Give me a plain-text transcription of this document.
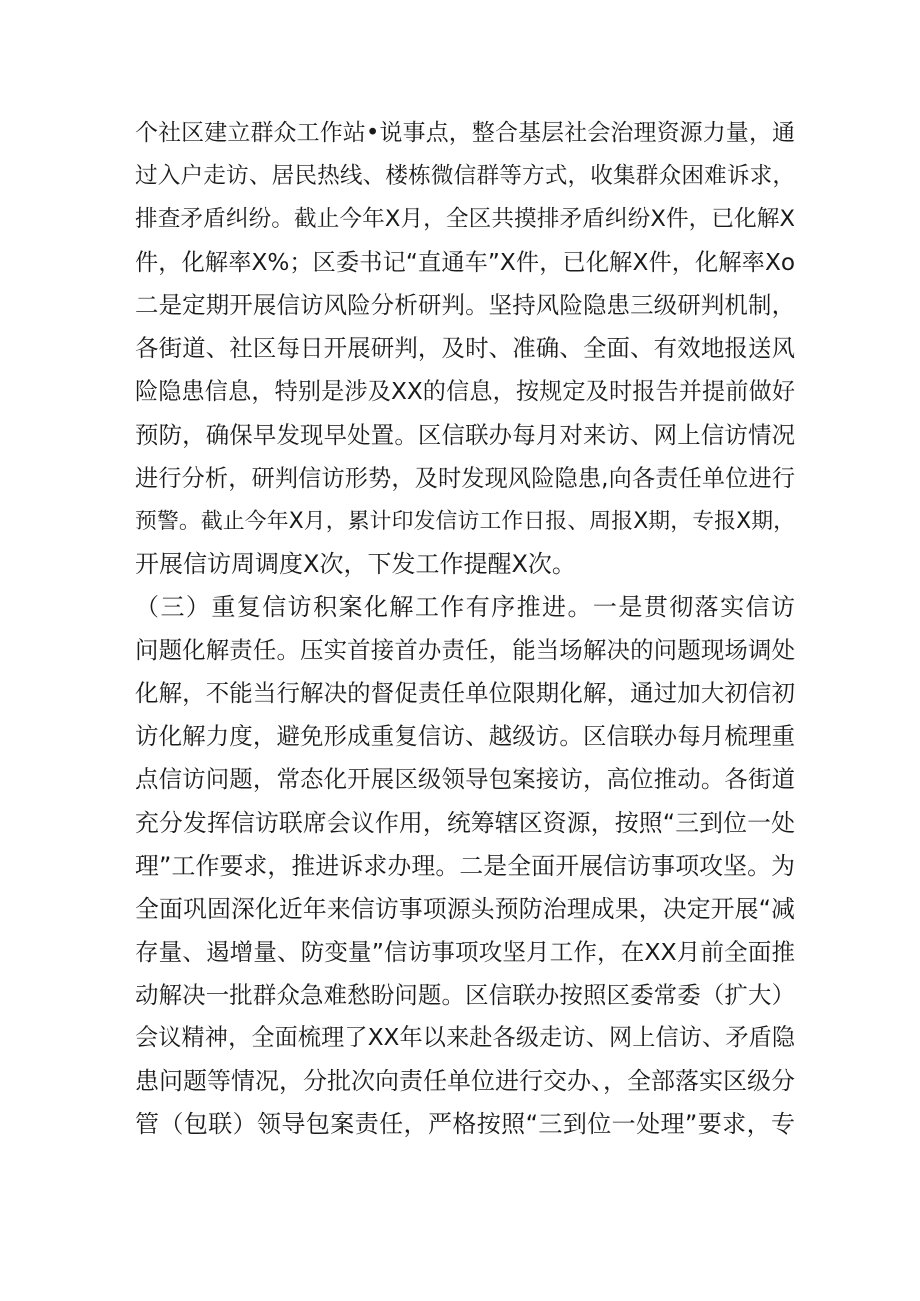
个社区建立群众工作站•说事点，整合基层社会治理资源力量，通
过入户走访、居民热线、楼栋微信群等方式，收集群众困难诉求，
排查矛盾纠纷。截止今年X月，全区共摸排矛盾纠纷X件，已化解X
件，化解率X%；区委书记“直通车”X件，已化解X件，化解率Xo
二是定期开展信访风险分析研判。坚持风险隐患三级研判机制，
各街道、社区每日开展研判，及时、准确、全面、有效地报送风
险隐患信息，特别是涉及XX的信息，按规定及时报告并提前做好
预防，确保早发现早处置。区信联办每月对来访、网上信访情况
进行分析，研判信访形势，及时发现风险隐患,向各责任单位进行
预警。截止今年X月，累计印发信访工作日报、周报X期，专报X期，
开展信访周调度X次，下发工作提醒X次。
（三）重复信访积案化解工作有序推进。一是贯彻落实信访
问题化解责任。压实首接首办责任，能当场解决的问题现场调处
化解，不能当行解决的督促责任单位限期化解，通过加大初信初
访化解力度，避免形成重复信访、越级访。区信联办每月梳理重
点信访问题，常态化开展区级领导包案接访，高位推动。各街道
充分发挥信访联席会议作用，统筹辖区资源，按照“三到位一处
理”工作要求，推进诉求办理。二是全面开展信访事项攻坚。为
全面巩固深化近年来信访事项源头预防治理成果，决定开展“减
存量、遏增量、防变量”信访事项攻坚月工作，在XX月前全面推
动解决一批群众急难愁盼问题。区信联办按照区委常委（扩大）
会议精神，全面梳理了XX年以来赴各级走访、网上信访、矛盾隐
患问题等情况，分批次向责任单位进行交办、，全部落实区级分
管（包联）领导包案责任，严格按照“三到位一处理”要求，专
